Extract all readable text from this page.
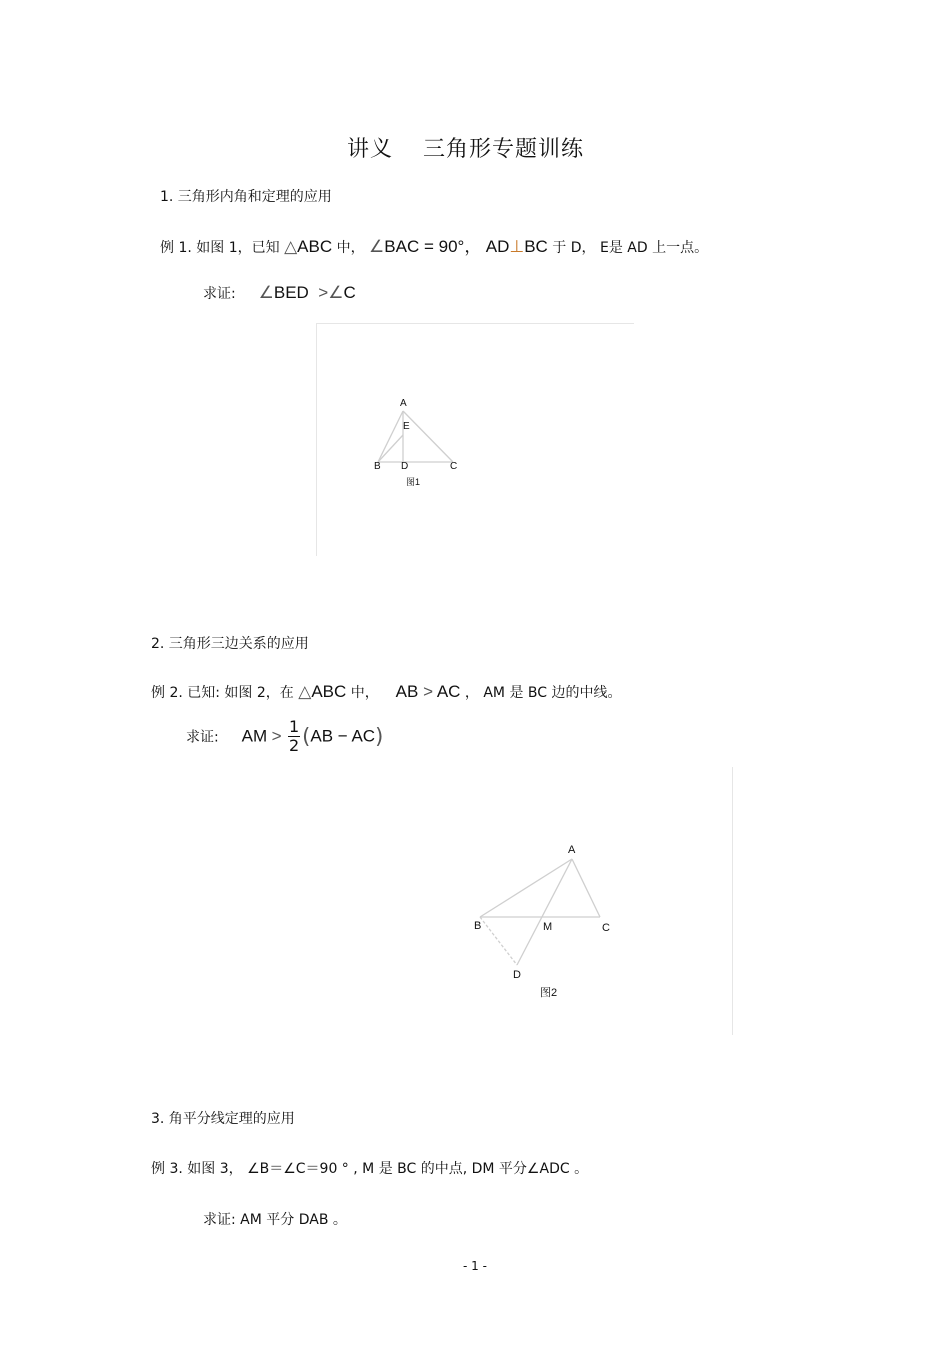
讲义 三角形专题训练
1. 三角形内角和定理的应用
例 1. 如图 1，已知 △ABC 中， ∠BAC = 90°， AD⊥BC 于 D， E是 AD 上一点。
求证: ∠BED >∠C
A
E
B D	C
图1
2. 三角形三边关系的应用
例 2. 已知: 如图 2，在 △ABC 中， AB > AC ， AM 是 BC 边的中线。
求证: AM > $\frac{1}{2} (AB - AC)$
A
B	M	C
D
图2
3. 角平分线定理的应用
例 3. 如图 3， ∠B＝∠C＝90 ° , M 是 BC 的中点, DM 平分∠ADC 。
求证: AM 平分 DAB 。
- 1 -
